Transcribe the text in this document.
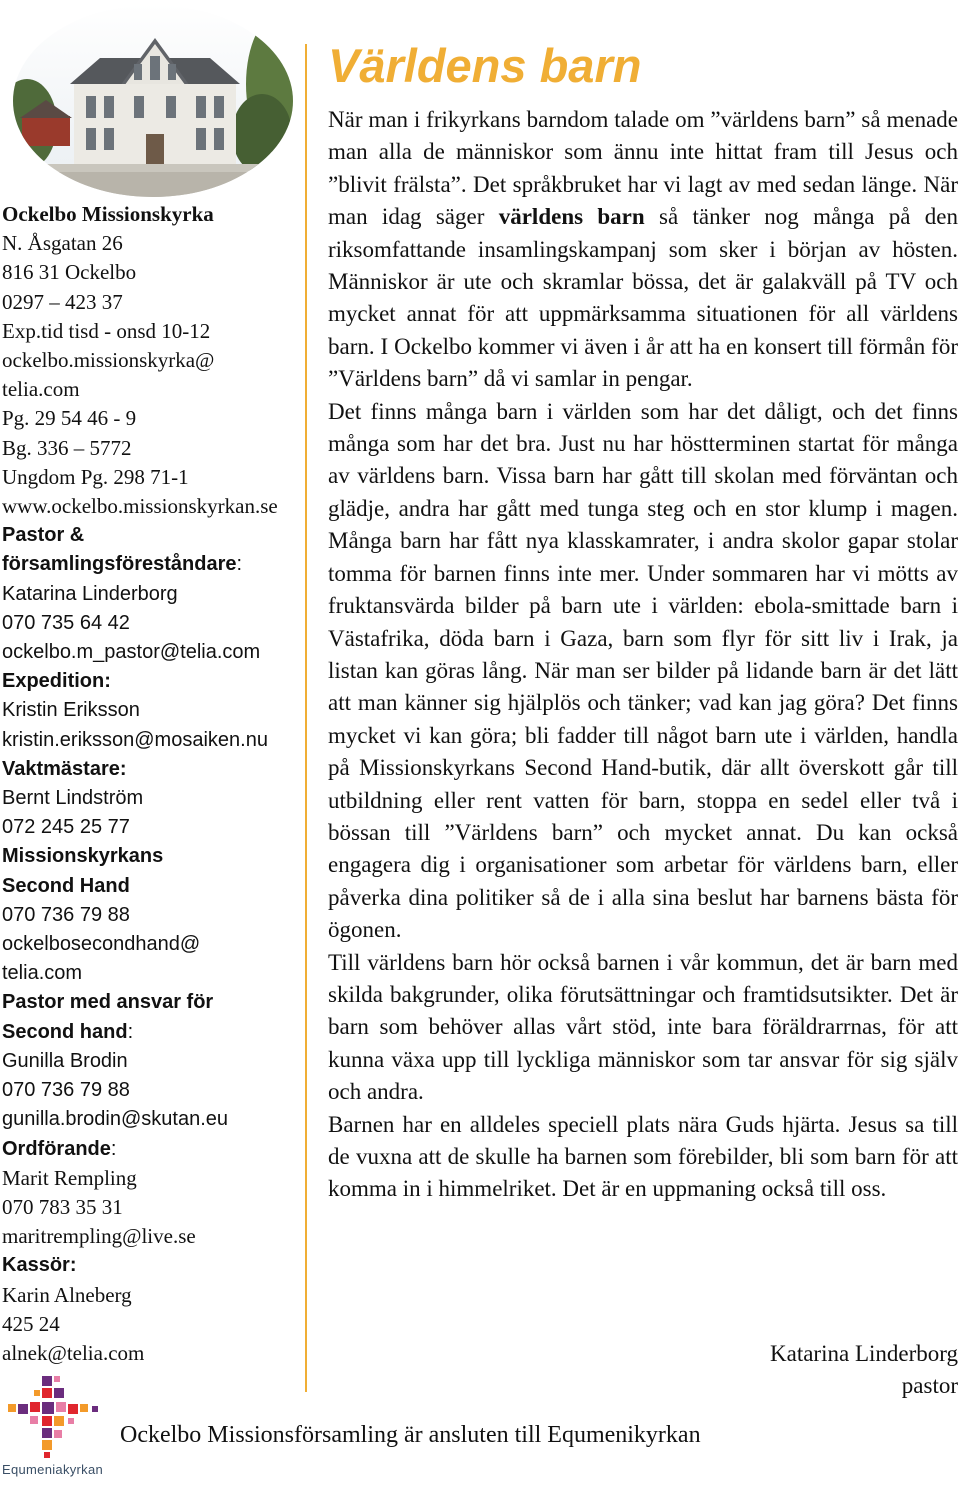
Ockelbo Missionskyrka
N. Åsgatan 26
816 31 Ockelbo
0297 – 423 37
Exp.tid tisd - onsd 10-12
ockelbo.missionskyrka@
telia.com
Pg. 29 54 46 - 9
Bg. 336 – 5772
Ungdom Pg. 298 71-1
www.ockelbo.missionskyrkan.se
Pastor &
församlingsföreståndare:
Katarina Linderborg
070 735 64 42
ockelbo.m_pastor@telia.com
Expedition:
Kristin Eriksson
kristin.eriksson@mosaiken.nu
Vaktmästare:
Bernt Lindström
072 245 25 77
Missionskyrkans
Second Hand
070 736 79 88
ockelbosecondhand@
telia.com
Pastor med ansvar för
Second hand:
Gunilla Brodin
070 736 79 88
gunilla.brodin@skutan.eu
Ordförande:
Marit Rempling
070 783 35 31
maritrempling@live.se
Kassör:
Karin Alneberg
425 24
alnek@telia.com
Världens barn

När man i frikyrkans barndom talade om ”världens barn” så menade man alla de människor som ännu inte hittat fram till Jesus och ”blivit frälsta”. Det språkbruket har vi lagt av med sedan länge. När man idag säger världens barn så tänker nog många på den riksomfattande insamlingskampanj som sker i början av hösten. Människor är ute och skramlar bössa, det är galakväll på TV och mycket annat för att uppmärksamma situationen för all världens barn. I Ockelbo kommer vi även i år att ha en konsert till förmån för ”Världens barn” då vi samlar in pengar.

Det finns många barn i världen som har det dåligt, och det finns många som har det bra. Just nu har höstterminen startat för många av världens barn. Vissa barn har gått till skolan med förväntan och glädje, andra har gått med tunga steg och en stor klump i magen. Många barn har fått nya klasskamrater, i andra skolor gapar stolar tomma för barnen finns inte mer. Under sommaren har vi mötts av fruktansvärda bilder på barn ute i världen: ebola-smittade barn i Västafrika, döda barn i Gaza, barn som flyr för sitt liv i Irak, ja listan kan göras lång. När man ser bilder på lidande barn är det lätt att man känner sig hjälplös och tänker; vad kan jag göra? Det finns mycket vi kan göra; bli fadder till något barn ute i världen, handla på Missionskyrkans Second Hand-butik, där allt överskott går till utbildning eller rent vatten för barn, stoppa en sedel eller två i bössan till ”Världens barn” och mycket annat. Du kan också engagera dig i organisationer som arbetar för världens barn, eller påverka dina politiker så de i alla sina beslut har barnens bästa för ögonen.

Till världens barn hör också barnen i vår kommun, det är barn med skilda bakgrunder, olika förutsättningar och framtidsutsikter. Det är barn som behöver allas vårt stöd, inte bara föräldrarrnas, för att kunna växa upp till lyckliga människor som tar ansvar för sig själv och andra.

Barnen har en alldeles speciell plats nära Guds hjärta. Jesus sa till de vuxna att de skulle ha barnen som förebilder, bli som barn för att komma in i himmelriket. Det är en uppmaning också till oss.

Katarina Linderborg
pastor
Equmeniakyrkan
Ockelbo Missionsförsamling är ansluten till Equmenikyrkan
